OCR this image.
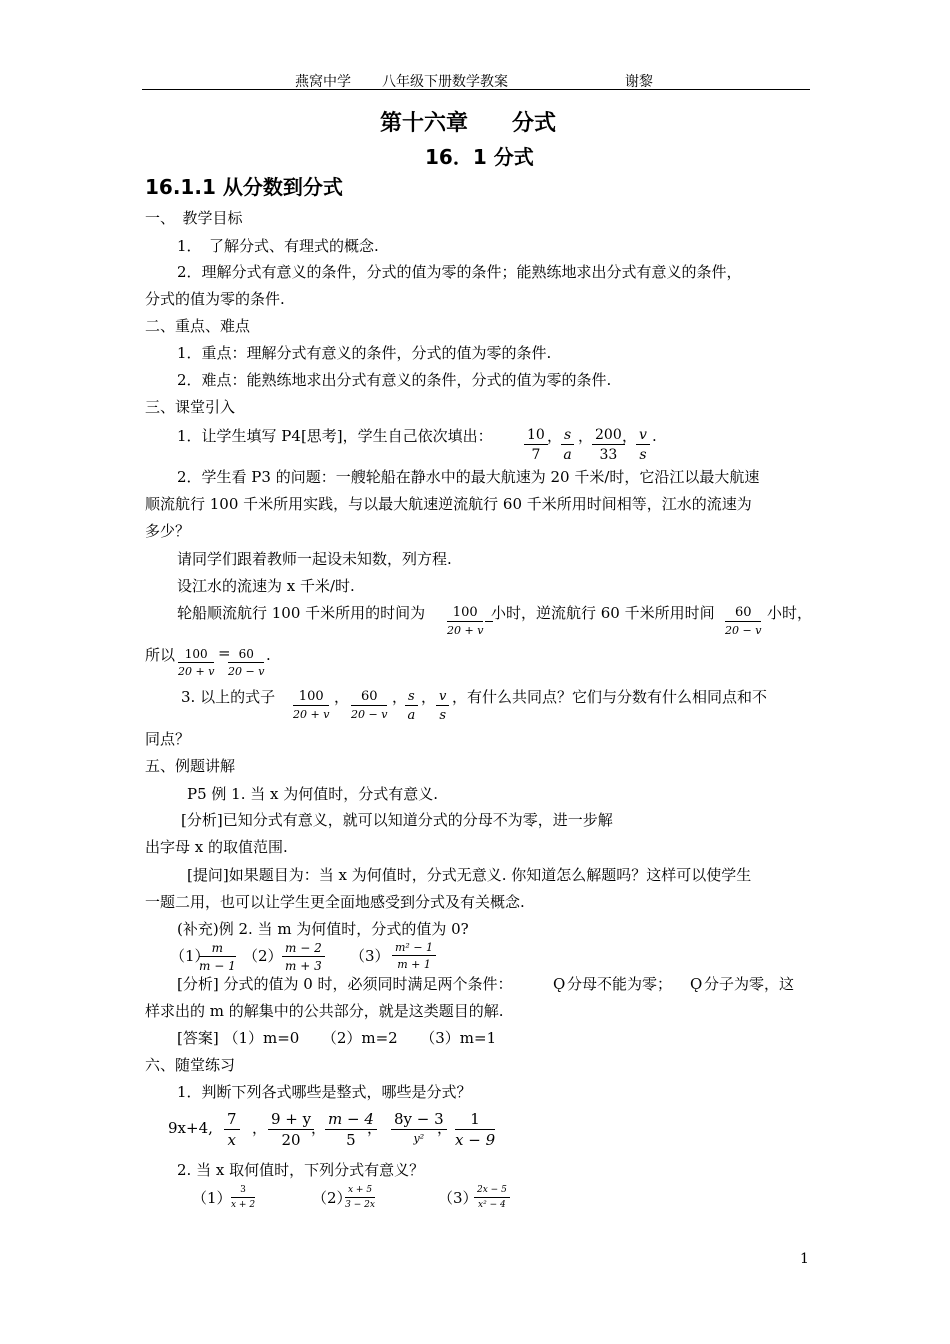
燕窝中学 八年级下册数学教案	谢黎
第十六章　　分式
16．1 分式
16.1.1 从分数到分式
一、　教学目标
1．　了解分式、有理式的概念.
2．理解分式有意义的条件，分式的值为零的条件；能熟练地求出分式有意义的条件，
分式的值为零的条件.
二、重点、难点
1．重点：理解分式有意义的条件，分式的值为零的条件.
2．难点：能熟练地求出分式有意义的条件，分式的值为零的条件.
三、课堂引入
1．让学生填写 P4[思考]，学生自己依次填出： $\frac{10}{7}$ ，
$\frac{s}{a}$ ，
$\frac{200}{33}$
，
$\frac{v}{s}$ .
2．学生看 P3 的问题：一艘轮船在静水中的最大航速为 20 千米/时，它沿江以最大航速
顺流航行 100 千米所用实践，与以最大航速逆流航行 60 千米所用时间相等，江水的流速为
多少？
请同学们跟着教师一起设未知数，列方程.
设江水的流速为 x 千米/时.
轮船顺流航行 100 千米所用的时间为	100
20 + v
小时，逆流航行 60 千米所用时间	60
20 − v
小时，
所以 $\frac{100}{20 + v}$ =
$\frac{60}{20 - v}$ .
3. 以上的式子	100
20 + v
， 60
20 − v
，
$\frac{s}{a}$ ， $\frac{v}{s}$ ，有什么共同点？它们与分数有什么相同点和不
同点？
五、例题讲解
P5 例 1. 当 x 为何值时，分式有意义.
[分析]已知分式有意义，就可以知道分式的分母不为零，进一步解
出字母 x 的取值范围.
[提问]如果题目为：当 x 为何值时，分式无意义. 你知道怎么解题吗？这样可以使学生
一题二用，也可以让学生更全面地感受到分式及有关概念.
(补充)例 2. 当 m 为何值时，分式的值为 0?
（1）
$\frac{m}{m - 1} (2) \frac{m - 2}{m + 3} (3) \frac{\text{m² − 1}}{m + 1}$
[分析] 分式的值为 0 时，必须同时满足两个条件：	Ǫ 分母不能为零； Ǫ 分子为零，这
样求出的 m 的解集中的公共部分，就是这类题目的解.
[答案] （1）m=0　　（2）m=2　　（3）m=1
六、随堂练习
1．判断下列各式哪些是整式，哪些是分式？
9x+4, $\frac{7}{x}$ ， $\frac{9 + y}{20}$
，
$\frac{m - 4}{5}$
， 8y − 3
y²
， $\frac{1}{x - 9}$
2. 当 x 取何值时，下列分式有意义？
$(1) \frac{3}{x + 2}$	（2）
$\frac{x + 5}{3 - 2x}$	（3）
$\frac{2x - 5}{\text{x² − 4}}$
1
